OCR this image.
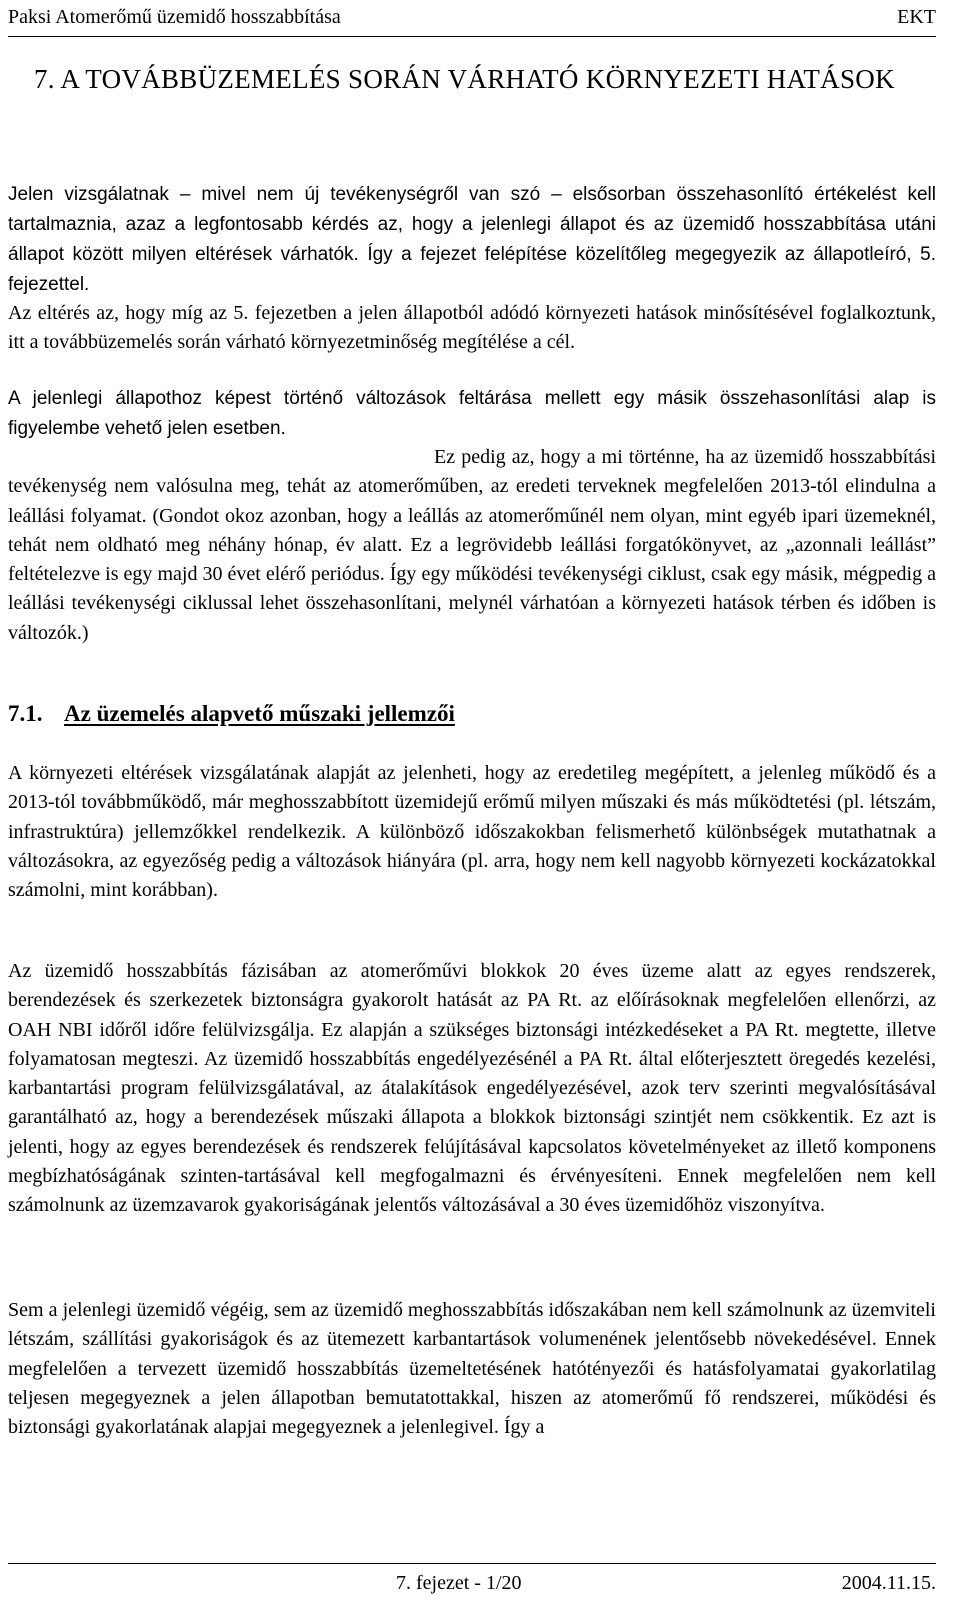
Paksi Atomerőmű üzemidő hosszabbítása	EKT
7. A TOVÁBBÜZEMELÉS SORÁN VÁRHATÓ KÖRNYEZETI HATÁSOK

Jelen vizsgálatnak – mivel nem új tevékenységről van szó – elsősorban összehasonlító értékelést kell tartalmaznia, azaz a legfontosabb kérdés az, hogy a jelenlegi állapot és az üzemidő hosszabbítása utáni állapot között milyen eltérések várhatók. Így a fejezet felépítése közelítőleg megegyezik az állapotleíró, 5. fejezettel.

Az eltérés az, hogy míg az 5. fejezetben a jelen állapotból adódó környezeti hatások minősítésével foglalkoztunk, itt a továbbüzemelés során várható környezetminőség megítélése a cél.

A jelenlegi állapothoz képest történő változások feltárása mellett egy másik összehasonlítási alap is figyelembe vehető jelen esetben.

Ez pedig az, hogy a mi történne, ha az üzemidő hosszabbítási tevékenység nem valósulna meg, tehát az atomerőműben, az eredeti terveknek megfelelően 2013-tól elindulna a leállási folyamat. (Gondot okoz azonban, hogy a leállás az atomerőműnél nem olyan, mint egyéb ipari üzemeknél, tehát nem oldható meg néhány hónap, év alatt. Ez a legrövidebb leállási forgatókönyvet, az „azonnali leállást” feltételezve is egy majd 30 évet elérő periódus. Így egy működési tevékenységi ciklust, csak egy másik, mégpedig a leállási tevékenységi ciklussal lehet összehasonlítani, melynél várhatóan a környezeti hatások térben és időben is változók.)

7.1. Az üzemelés alapvető műszaki jellemzői

A környezeti eltérések vizsgálatának alapját az jelenheti, hogy az eredetileg megépített, a jelenleg működő és a 2013-tól továbbműködő, már meghosszabbított üzemidejű erőmű milyen műszaki és más működtetési (pl. létszám, infrastruktúra) jellemzőkkel rendelkezik. A különböző időszakokban felismerhető különbségek mutathatnak a változásokra, az egyezőség pedig a változások hiányára (pl. arra, hogy nem kell nagyobb környezeti kockázatokkal számolni, mint korábban).

Az üzemidő hosszabbítás fázisában az atomerőművi blokkok 20 éves üzeme alatt az egyes rendszerek, berendezések és szerkezetek biztonságra gyakorolt hatását az PA Rt. az előírásoknak megfelelően ellenőrzi, az OAH NBI időről időre felülvizsgálja. Ez alapján a szükséges biztonsági intézkedéseket a PA Rt. megtette, illetve folyamatosan megteszi. Az üzemidő hosszabbítás engedélyezésénél a PA Rt. által előterjesztett öregedés kezelési, karbantartási program felülvizsgálatával, az átalakítások engedélyezésével, azok terv szerinti megvalósításával garantálható az, hogy a berendezések műszaki állapota a blokkok biztonsági szintjét nem csökkentik. Ez azt is jelenti, hogy az egyes berendezések és rendszerek felújításával kapcsolatos követelményeket az illető komponens megbízhatóságának szinten-tartásával kell megfogalmazni és érvényesíteni. Ennek megfelelően nem kell számolnunk az üzemzavarok gyakoriságának jelentős változásával a 30 éves üzemidőhöz viszonyítva.

Sem a jelenlegi üzemidő végéig, sem az üzemidő meghosszabbítás időszakában nem kell számolnunk az üzemviteli létszám, szállítási gyakoriságok és az ütemezett karbantartások volumenének jelentősebb növekedésével. Ennek megfelelően a tervezett üzemidő hosszabbítás üzemeltetésének hatótényezői és hatásfolyamatai gyakorlatilag teljesen megegyeznek a jelen állapotban bemutatottakkal, hiszen az atomerőmű fő rendszerei, működési és biztonsági gyakorlatának alapjai megegyeznek a jelenlegivel. Így a

7. fejezet - 1/20	2004.11.15.
